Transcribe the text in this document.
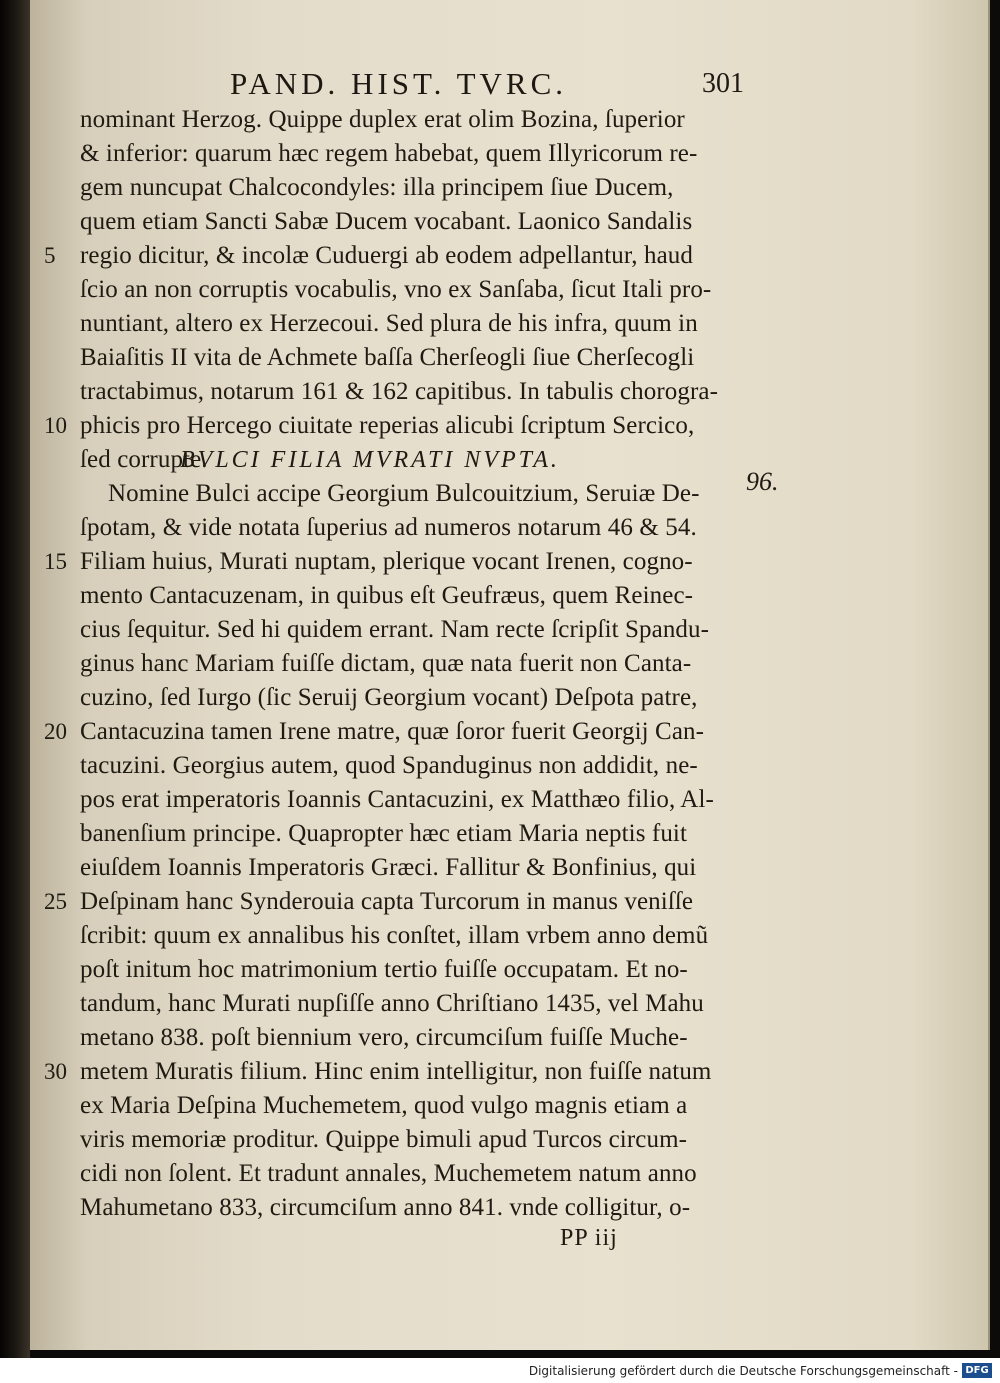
PAND. HIST. TVRC.	301
nominant Herzog. Quippe duplex erat olim Bozina, ſuperior
& inferior: quarum hæc regem habebat, quem Illyricorum re-
gem nuncupat Chalcocondyles: illa principem ſiue Ducem,
quem etiam Sancti Sabæ Ducem vocabant. Laonico Sandalis
regio dicitur, & incolæ Cuduergi ab eodem adpellantur, haud
ſcio an non corruptis vocabulis, vno ex Sanſaba, ſicut Itali pro-
nuntiant, altero ex Herzecoui. Sed plura de his infra, quum in
Baiaſitis II vita de Achmete baſſa Cherſeogli ſiue Cherſecogli
tractabimus, notarum 161 & 162 capitibus. In tabulis chorogra-
phicis pro Hercego ciuitate reperias alicubi ſcriptum Sercico,
ſed corrupte.
BVLCI FILIA MVRATI NVPTA.
Nomine Bulci accipe Georgium Bulcouitzium, Seruiæ De-
ſpotam, & vide notata ſuperius ad numeros notarum 46 & 54.
Filiam huius, Murati nuptam, plerique vocant Irenen, cogno-
mento Cantacuzenam, in quibus eſt Geufræus, quem Reinec-
cius ſequitur. Sed hi quidem errant. Nam recte ſcripſit Spandu-
ginus hanc Mariam fuiſſe dictam, quæ nata fuerit non Canta-
cuzino, ſed Iurgo (ſic Seruij Georgium vocant) Deſpota patre,
Cantacuzina tamen Irene matre, quæ ſoror fuerit Georgij Can-
tacuzini. Georgius autem, quod Spanduginus non addidit, ne-
pos erat imperatoris Ioannis Cantacuzini, ex Matthæo filio, Al-
banenſium principe. Quapropter hæc etiam Maria neptis fuit
eiuſdem Ioannis Imperatoris Græci. Fallitur & Bonfinius, qui
Deſpinam hanc Synderouia capta Turcorum in manus veniſſe
ſcribit: quum ex annalibus his conſtet, illam vrbem anno demũ
poſt initum hoc matrimonium tertio fuiſſe occupatam. Et no-
tandum, hanc Murati nupſiſſe anno Chriſtiano 1435, vel Mahu
metano 838. poſt biennium vero, circumciſum fuiſſe Muche-
metem Muratis filium. Hinc enim intelligitur, non fuiſſe natum
ex Maria Deſpina Muchemetem, quod vulgo magnis etiam a
viris memoriæ proditur. Quippe bimuli apud Turcos circum-
cidi non ſolent. Et tradunt annales, Muchemetem natum anno
Mahumetano 833, circumciſum anno 841. vnde colligitur, o-
5
10
15
20
25
30
96.
PP iij
Digitalisierung gefördert durch die Deutsche Forschungsgemeinschaft - DFG
